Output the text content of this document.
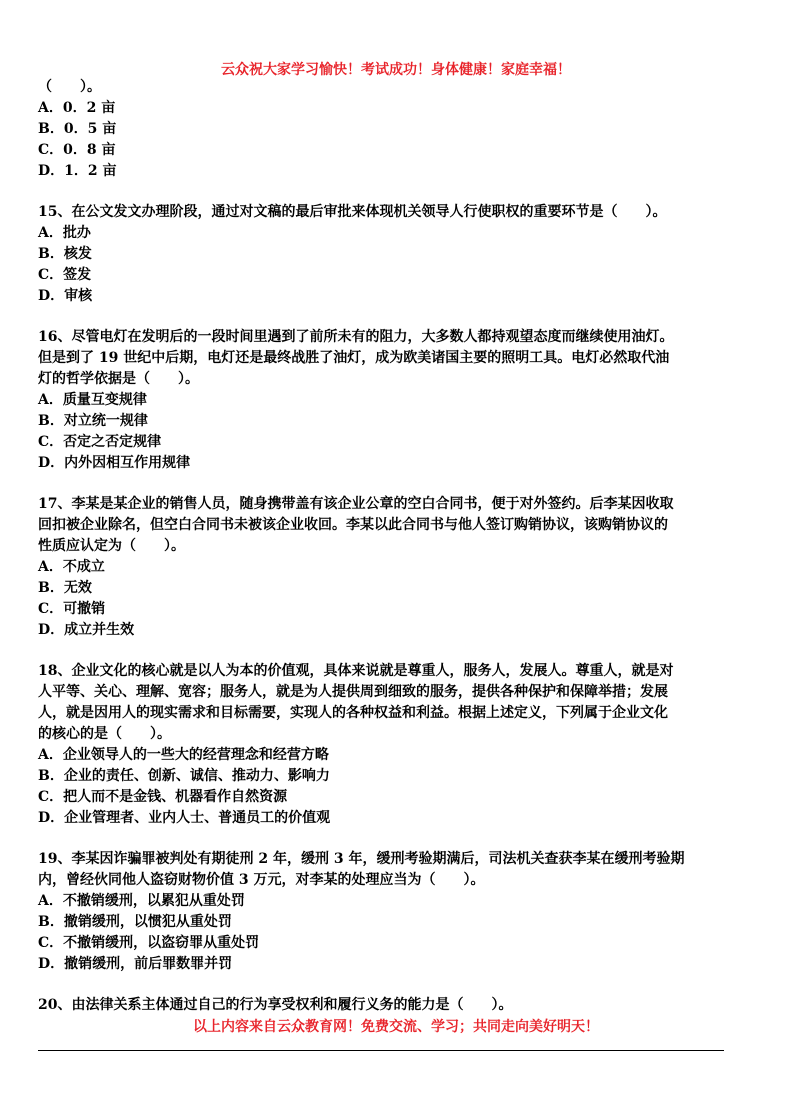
云众祝大家学习愉快！考试成功！身体健康！家庭幸福！
（　　）。
A．0．2 亩
B．0．5 亩
C．0．8 亩
D．1．2 亩
15、在公文发文办理阶段，通过对文稿的最后审批来体现机关领导人行使职权的重要环节是（　　）。
A．批办
B．核发
C．签发
D．审核
16、尽管电灯在发明后的一段时间里遇到了前所未有的阻力，大多数人都持观望态度而继续使用油灯。
但是到了 19 世纪中后期，电灯还是最终战胜了油灯，成为欧美诸国主要的照明工具。电灯必然取代油
灯的哲学依据是（　　）。
A．质量互变规律
B．对立统一规律
C．否定之否定规律
D．内外因相互作用规律
17、李某是某企业的销售人员，随身携带盖有该企业公章的空白合同书，便于对外签约。后李某因收取
回扣被企业除名，但空白合同书未被该企业收回。李某以此合同书与他人签订购销协议，该购销协议的
性质应认定为（　　）。
A．不成立
B．无效
C．可撤销
D．成立并生效
18、企业文化的核心就是以人为本的价值观，具体来说就是尊重人，服务人，发展人。尊重人，就是对
人平等、关心、理解、宽容；服务人，就是为人提供周到细致的服务，提供各种保护和保障举措；发展
人，就是因用人的现实需求和目标需要，实现人的各种权益和利益。根据上述定义，下列属于企业文化
的核心的是（　　）。
A．企业领导人的一些大的经营理念和经营方略
B．企业的责任、创新、诚信、推动力、影响力
C．把人而不是金钱、机器看作自然资源
D．企业管理者、业内人士、普通员工的价值观
19、李某因诈骗罪被判处有期徒刑 2 年，缓刑 3 年，缓刑考验期满后，司法机关查获李某在缓刑考验期
内，曾经伙同他人盗窃财物价值 3 万元，对李某的处理应当为（　　）。
A．不撤销缓刑，以累犯从重处罚
B．撤销缓刑，以惯犯从重处罚
C．不撤销缓刑，以盗窃罪从重处罚
D．撤销缓刑，前后罪数罪并罚
20、由法律关系主体通过自己的行为享受权利和履行义务的能力是（　　）。
以上内容来自云众教育网！免费交流、学习；共同走向美好明天！
